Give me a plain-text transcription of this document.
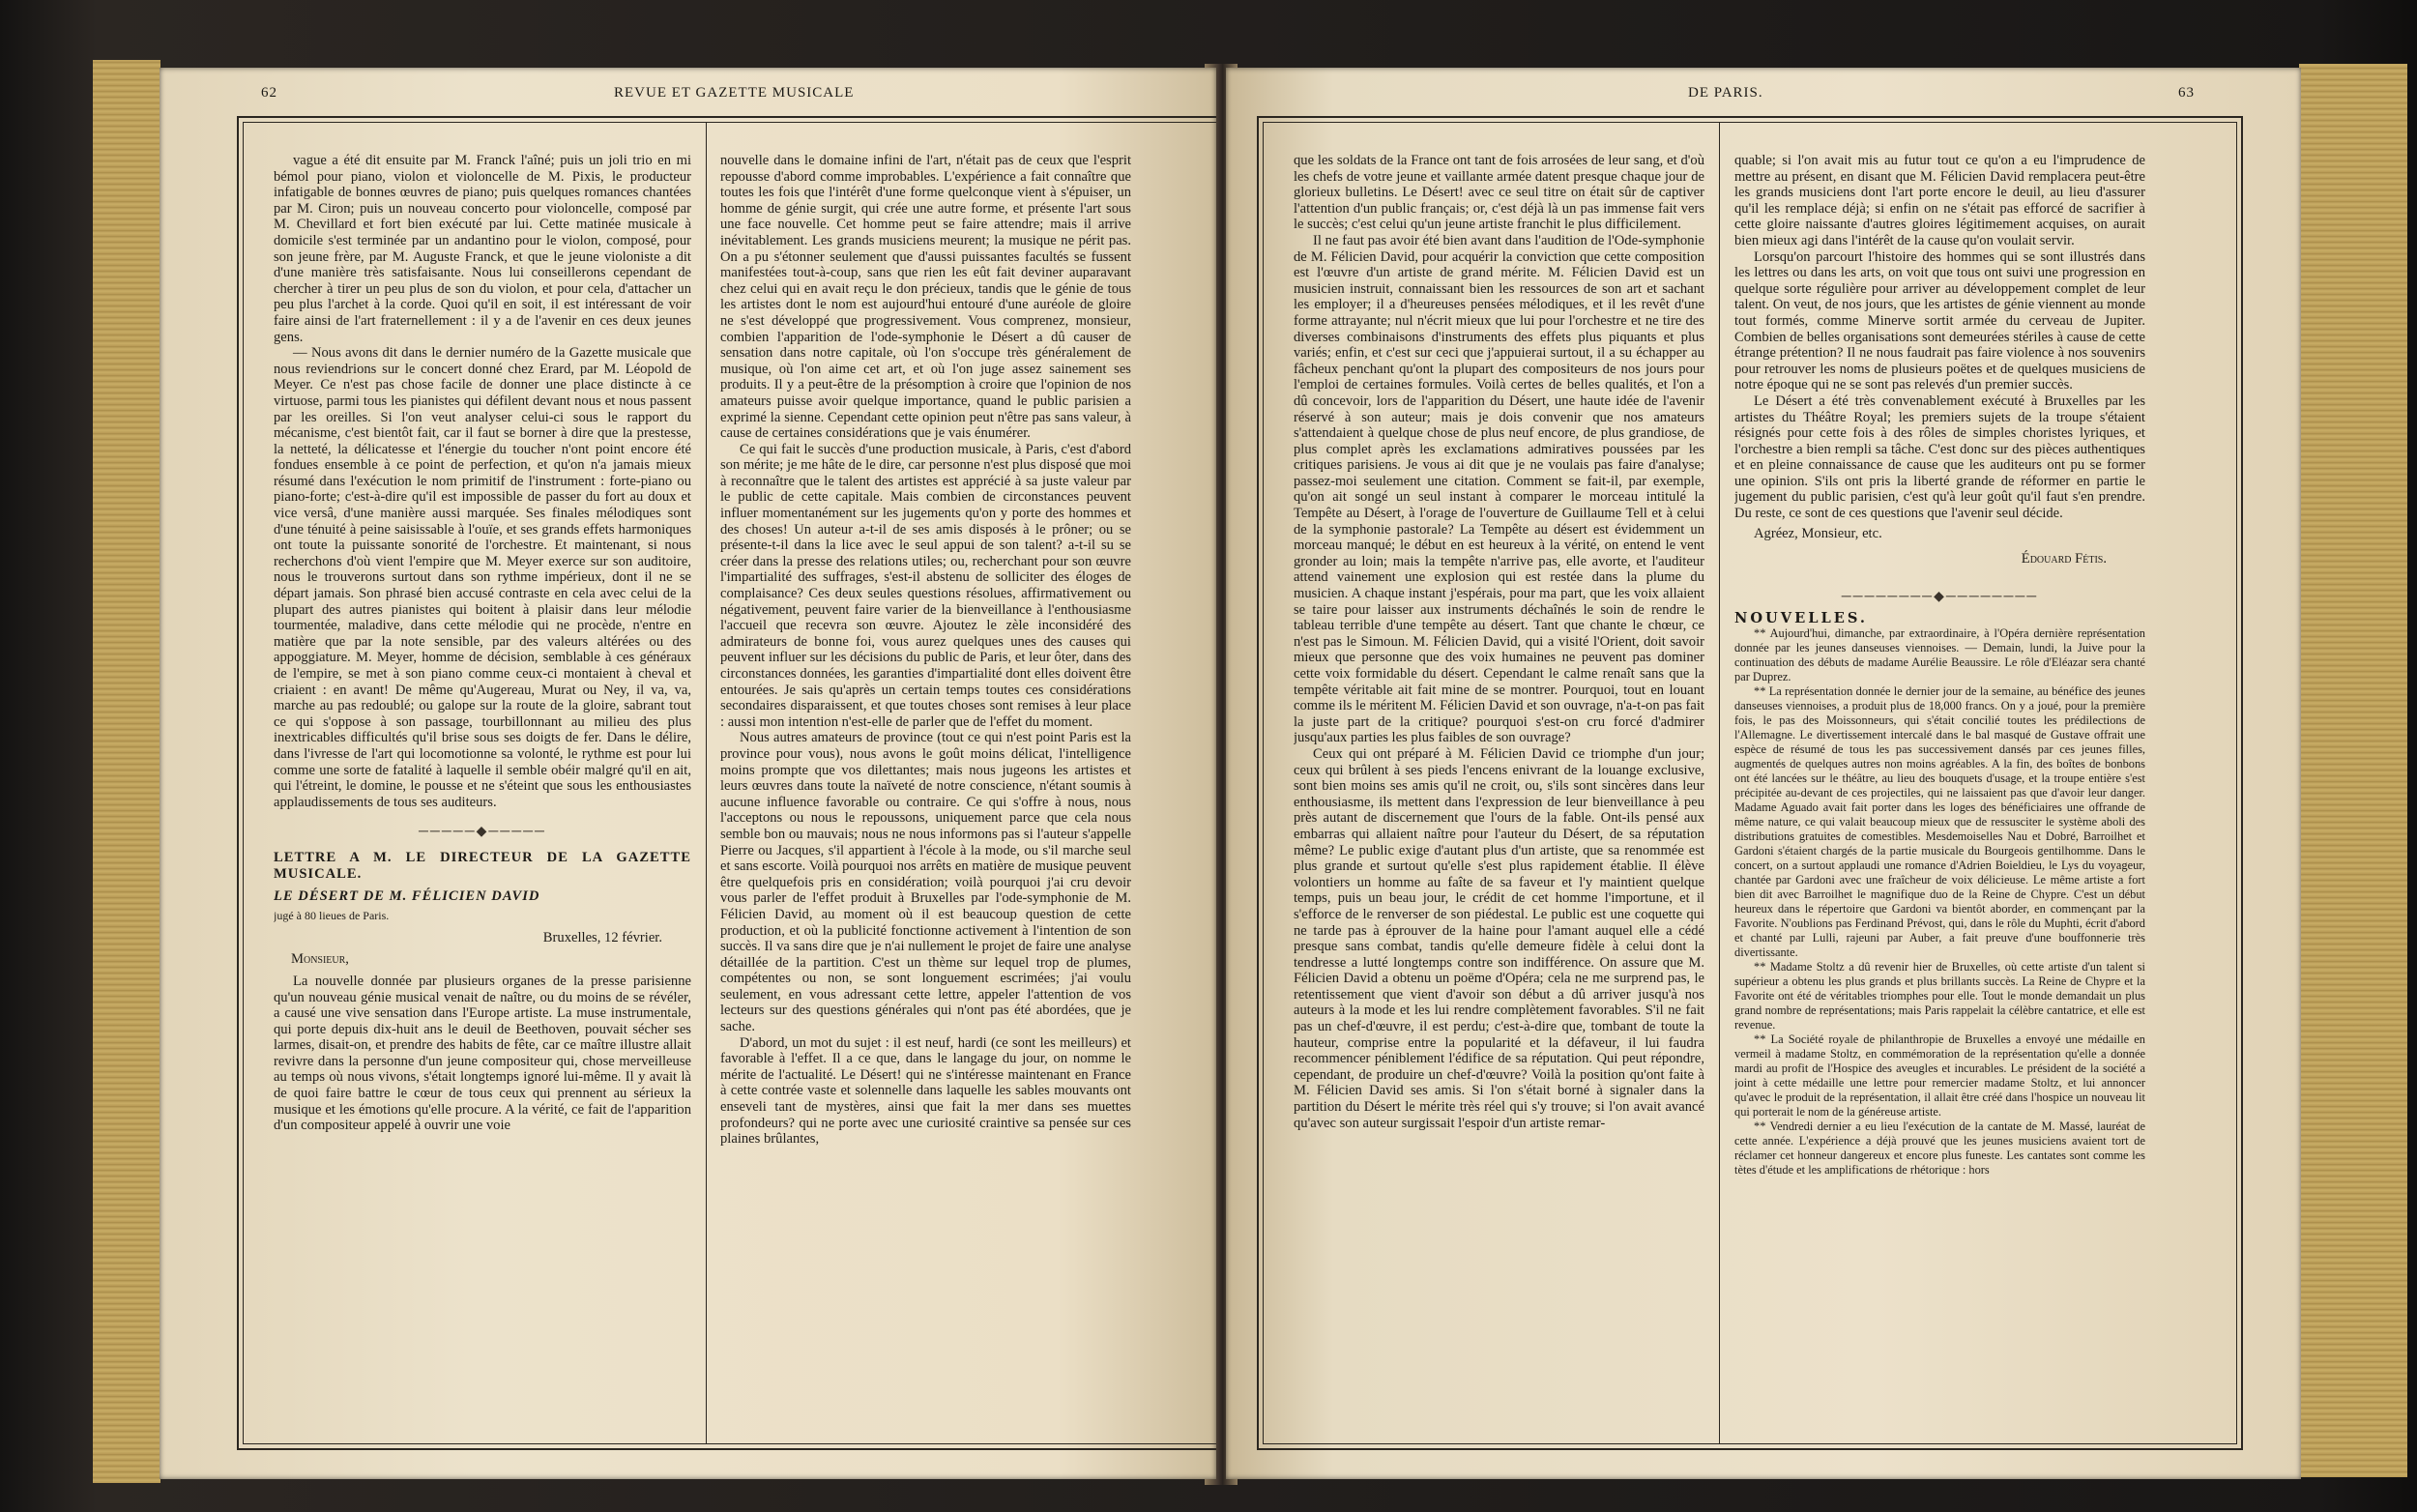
62	REVUE ET GAZETTE MUSICALE

vague a été dit ensuite par M. Franck l'aîné; puis un joli trio en mi bémol pour piano, violon et violoncelle de M. Pixis, le producteur infatigable de bonnes œuvres de piano; puis quelques romances chantées par M. Ciron; puis un nouveau concerto pour violoncelle, composé par M. Chevillard et fort bien exécuté par lui. Cette matinée musicale à domicile s'est terminée par un andantino pour le violon, composé, pour son jeune frère, par M. Auguste Franck, et que le jeune violoniste a dit d'une manière très satisfaisante. Nous lui conseillerons cependant de chercher à tirer un peu plus de son du violon, et pour cela, d'attacher un peu plus l'archet à la corde. Quoi qu'il en soit, il est intéressant de voir faire ainsi de l'art fraternellement : il y a de l'avenir en ces deux jeunes gens.

— Nous avons dit dans le dernier numéro de la Gazette musicale que nous reviendrions sur le concert donné chez Erard, par M. Léopold de Meyer. Ce n'est pas chose facile de donner une place distincte à ce virtuose, parmi tous les pianistes qui défilent devant nous et nous passent par les oreilles. Si l'on veut analyser celui-ci sous le rapport du mécanisme, c'est bientôt fait, car il faut se borner à dire que la prestesse, la netteté, la délicatesse et l'énergie du toucher n'ont point encore été fondues ensemble à ce point de perfection, et qu'on n'a jamais mieux résumé dans l'exécution le nom primitif de l'instrument : forte-piano ou piano-forte; c'est-à-dire qu'il est impossible de passer du fort au doux et vice versâ, d'une manière aussi marquée. Ses finales mélodiques sont d'une ténuité à peine saisissable à l'ouïe, et ses grands effets harmoniques ont toute la puissante sonorité de l'orchestre. Et maintenant, si nous recherchons d'où vient l'empire que M. Meyer exerce sur son auditoire, nous le trouverons surtout dans son rythme impérieux, dont il ne se départ jamais. Son phrasé bien accusé contraste en cela avec celui de la plupart des autres pianistes qui boitent à plaisir dans leur mélodie tourmentée, maladive, dans cette mélodie qui ne procède, n'entre en matière que par la note sensible, par des valeurs altérées ou des appoggiature. M. Meyer, homme de décision, semblable à ces généraux de l'empire, se met à son piano comme ceux-ci montaient à cheval et criaient : en avant! De même qu'Augereau, Murat ou Ney, il va, va, marche au pas redoublé; ou galope sur la route de la gloire, sabrant tout ce qui s'oppose à son passage, tourbillonnant au milieu des plus inextricables difficultés qu'il brise sous ses doigts de fer. Dans le délire, dans l'ivresse de l'art qui locomotionne sa volonté, le rythme est pour lui comme une sorte de fatalité à laquelle il semble obéir malgré qu'il en ait, qui l'étreint, le domine, le pousse et ne s'éteint que sous les enthousiastes applaudissements de tous ses auditeurs.

─────◆─────

LETTRE A M. LE DIRECTEUR DE LA GAZETTE MUSICALE.

LE DÉSERT DE M. FÉLICIEN DAVID

jugé à 80 lieues de Paris.

Bruxelles, 12 février.

Monsieur,

La nouvelle donnée par plusieurs organes de la presse parisienne qu'un nouveau génie musical venait de naître, ou du moins de se révéler, a causé une vive sensation dans l'Europe artiste. La muse instrumentale, qui porte depuis dix-huit ans le deuil de Beethoven, pouvait sécher ses larmes, disait-on, et prendre des habits de fête, car ce maître illustre allait revivre dans la personne d'un jeune compositeur qui, chose merveilleuse au temps où nous vivons, s'était longtemps ignoré lui-même. Il y avait là de quoi faire battre le cœur de tous ceux qui prennent au sérieux la musique et les émotions qu'elle procure. A la vérité, ce fait de l'apparition d'un compositeur appelé à ouvrir une voie

nouvelle dans le domaine infini de l'art, n'était pas de ceux que l'esprit repousse d'abord comme improbables. L'expérience a fait connaître que toutes les fois que l'intérêt d'une forme quelconque vient à s'épuiser, un homme de génie surgit, qui crée une autre forme, et présente l'art sous une face nouvelle. Cet homme peut se faire attendre; mais il arrive inévitablement. Les grands musiciens meurent; la musique ne périt pas. On a pu s'étonner seulement que d'aussi puissantes facultés se fussent manifestées tout-à-coup, sans que rien les eût fait deviner auparavant chez celui qui en avait reçu le don précieux, tandis que le génie de tous les artistes dont le nom est aujourd'hui entouré d'une auréole de gloire ne s'est développé que progressivement. Vous comprenez, monsieur, combien l'apparition de l'ode-symphonie le Désert a dû causer de sensation dans notre capitale, où l'on s'occupe très généralement de musique, où l'on aime cet art, et où l'on juge assez sainement ses produits. Il y a peut-être de la présomption à croire que l'opinion de nos amateurs puisse avoir quelque importance, quand le public parisien a exprimé la sienne. Cependant cette opinion peut n'être pas sans valeur, à cause de certaines considérations que je vais énumérer.

Ce qui fait le succès d'une production musicale, à Paris, c'est d'abord son mérite; je me hâte de le dire, car personne n'est plus disposé que moi à reconnaître que le talent des artistes est apprécié à sa juste valeur par le public de cette capitale. Mais combien de circonstances peuvent influer momentanément sur les jugements qu'on y porte des hommes et des choses! Un auteur a-t-il de ses amis disposés à le prôner; ou se présente-t-il dans la lice avec le seul appui de son talent? a-t-il su se créer dans la presse des relations utiles; ou, recherchant pour son œuvre l'impartialité des suffrages, s'est-il abstenu de solliciter des éloges de complaisance? Ces deux seules questions résolues, affirmativement ou négativement, peuvent faire varier de la bienveillance à l'enthousiasme l'accueil que recevra son œuvre. Ajoutez le zèle inconsidéré des admirateurs de bonne foi, vous aurez quelques unes des causes qui peuvent influer sur les décisions du public de Paris, et leur ôter, dans des circonstances données, les garanties d'impartialité dont elles doivent être entourées. Je sais qu'après un certain temps toutes ces considérations secondaires disparaissent, et que toutes choses sont remises à leur place : aussi mon intention n'est-elle de parler que de l'effet du moment.

Nous autres amateurs de province (tout ce qui n'est point Paris est la province pour vous), nous avons le goût moins délicat, l'intelligence moins prompte que vos dilettantes; mais nous jugeons les artistes et leurs œuvres dans toute la naïveté de notre conscience, n'étant soumis à aucune influence favorable ou contraire. Ce qui s'offre à nous, nous l'acceptons ou nous le repoussons, uniquement parce que cela nous semble bon ou mauvais; nous ne nous informons pas si l'auteur s'appelle Pierre ou Jacques, s'il appartient à l'école à la mode, ou s'il marche seul et sans escorte. Voilà pourquoi nos arrêts en matière de musique peuvent être quelquefois pris en considération; voilà pourquoi j'ai cru devoir vous parler de l'effet produit à Bruxelles par l'ode-symphonie de M. Félicien David, au moment où il est beaucoup question de cette production, et où la publicité fonctionne activement à l'intention de son succès. Il va sans dire que je n'ai nullement le projet de faire une analyse détaillée de la partition. C'est un thème sur lequel trop de plumes, compétentes ou non, se sont longuement escrimées; j'ai voulu seulement, en vous adressant cette lettre, appeler l'attention de vos lecteurs sur des questions générales qui n'ont pas été abordées, que je sache.

D'abord, un mot du sujet : il est neuf, hardi (ce sont les meilleurs) et favorable à l'effet. Il a ce que, dans le langage du jour, on nomme le mérite de l'actualité. Le Désert! qui ne s'intéresse maintenant en France à cette contrée vaste et solennelle dans laquelle les sables mouvants ont enseveli tant de mystères, ainsi que fait la mer dans ses muettes profondeurs? qui ne porte avec une curiosité craintive sa pensée sur ces plaines brûlantes,

DE PARIS.	63

que les soldats de la France ont tant de fois arrosées de leur sang, et d'où les chefs de votre jeune et vaillante armée datent presque chaque jour de glorieux bulletins. Le Désert! avec ce seul titre on était sûr de captiver l'attention d'un public français; or, c'est déjà là un pas immense fait vers le succès; c'est celui qu'un jeune artiste franchit le plus difficilement.

Il ne faut pas avoir été bien avant dans l'audition de l'Ode-symphonie de M. Félicien David, pour acquérir la conviction que cette composition est l'œuvre d'un artiste de grand mérite. M. Félicien David est un musicien instruit, connaissant bien les ressources de son art et sachant les employer; il a d'heureuses pensées mélodiques, et il les revêt d'une forme attrayante; nul n'écrit mieux que lui pour l'orchestre et ne tire des diverses combinaisons d'instruments des effets plus piquants et plus variés; enfin, et c'est sur ceci que j'appuierai surtout, il a su échapper au fâcheux penchant qu'ont la plupart des compositeurs de nos jours pour l'emploi de certaines formules. Voilà certes de belles qualités, et l'on a dû concevoir, lors de l'apparition du Désert, une haute idée de l'avenir réservé à son auteur; mais je dois convenir que nos amateurs s'attendaient à quelque chose de plus neuf encore, de plus grandiose, de plus complet après les exclamations admiratives poussées par les critiques parisiens. Je vous ai dit que je ne voulais pas faire d'analyse; passez-moi seulement une citation. Comment se fait-il, par exemple, qu'on ait songé un seul instant à comparer le morceau intitulé la Tempête au Désert, à l'orage de l'ouverture de Guillaume Tell et à celui de la symphonie pastorale? La Tempête au désert est évidemment un morceau manqué; le début en est heureux à la vérité, on entend le vent gronder au loin; mais la tempête n'arrive pas, elle avorte, et l'auditeur attend vainement une explosion qui est restée dans la plume du musicien. A chaque instant j'espérais, pour ma part, que les voix allaient se taire pour laisser aux instruments déchaînés le soin de rendre le tableau terrible d'une tempête au désert. Tant que chante le chœur, ce n'est pas le Simoun. M. Félicien David, qui a visité l'Orient, doit savoir mieux que personne que des voix humaines ne peuvent pas dominer cette voix formidable du désert. Cependant le calme renaît sans que la tempête véritable ait fait mine de se montrer. Pourquoi, tout en louant comme ils le méritent M. Félicien David et son ouvrage, n'a-t-on pas fait la juste part de la critique? pourquoi s'est-on cru forcé d'admirer jusqu'aux parties les plus faibles de son ouvrage?

Ceux qui ont préparé à M. Félicien David ce triomphe d'un jour; ceux qui brûlent à ses pieds l'encens enivrant de la louange exclusive, sont bien moins ses amis qu'il ne croit, ou, s'ils sont sincères dans leur enthousiasme, ils mettent dans l'expression de leur bienveillance à peu près autant de discernement que l'ours de la fable. Ont-ils pensé aux embarras qui allaient naître pour l'auteur du Désert, de sa réputation même? Le public exige d'autant plus d'un artiste, que sa renommée est plus grande et surtout qu'elle s'est plus rapidement établie. Il élève volontiers un homme au faîte de sa faveur et l'y maintient quelque temps, puis un beau jour, le crédit de cet homme l'importune, et il s'efforce de le renverser de son piédestal. Le public est une coquette qui ne tarde pas à éprouver de la haine pour l'amant auquel elle a cédé presque sans combat, tandis qu'elle demeure fidèle à celui dont la tendresse a lutté longtemps contre son indifférence. On assure que M. Félicien David a obtenu un poëme d'Opéra; cela ne me surprend pas, le retentissement que vient d'avoir son début a dû arriver jusqu'à nos auteurs à la mode et les lui rendre complètement favorables. S'il ne fait pas un chef-d'œuvre, il est perdu; c'est-à-dire que, tombant de toute la hauteur, comprise entre la popularité et la défaveur, il lui faudra recommencer péniblement l'édifice de sa réputation. Qui peut répondre, cependant, de produire un chef-d'œuvre? Voilà la position qu'ont faite à M. Félicien David ses amis. Si l'on s'était borné à signaler dans la partition du Désert le mérite très réel qui s'y trouve; si l'on avait avancé qu'avec son auteur surgissait l'espoir d'un artiste remar-

quable; si l'on avait mis au futur tout ce qu'on a eu l'imprudence de mettre au présent, en disant que M. Félicien David remplacera peut-être les grands musiciens dont l'art porte encore le deuil, au lieu d'assurer qu'il les remplace déjà; si enfin on ne s'était pas efforcé de sacrifier à cette gloire naissante d'autres gloires légitimement acquises, on aurait bien mieux agi dans l'intérêt de la cause qu'on voulait servir.

Lorsqu'on parcourt l'histoire des hommes qui se sont illustrés dans les lettres ou dans les arts, on voit que tous ont suivi une progression en quelque sorte régulière pour arriver au développement complet de leur talent. On veut, de nos jours, que les artistes de génie viennent au monde tout formés, comme Minerve sortit armée du cerveau de Jupiter. Combien de belles organisations sont demeurées stériles à cause de cette étrange prétention? Il ne nous faudrait pas faire violence à nos souvenirs pour retrouver les noms de plusieurs poëtes et de quelques musiciens de notre époque qui ne se sont pas relevés d'un premier succès.

Le Désert a été très convenablement exécuté à Bruxelles par les artistes du Théâtre Royal; les premiers sujets de la troupe s'étaient résignés pour cette fois à des rôles de simples choristes lyriques, et l'orchestre a bien rempli sa tâche. C'est donc sur des pièces authentiques et en pleine connaissance de cause que les auditeurs ont pu se former une opinion. S'ils ont pris la liberté grande de réformer en partie le jugement du public parisien, c'est qu'à leur goût qu'il faut s'en prendre. Du reste, ce sont de ces questions que l'avenir seul décide.

Agréez, Monsieur, etc.

Édouard Fétis.

────────◆────────

NOUVELLES.

** Aujourd'hui, dimanche, par extraordinaire, à l'Opéra dernière représentation donnée par les jeunes danseuses viennoises. — Demain, lundi, la Juive pour la continuation des débuts de madame Aurélie Beaussire. Le rôle d'Eléazar sera chanté par Duprez.

** La représentation donnée le dernier jour de la semaine, au bénéfice des jeunes danseuses viennoises, a produit plus de 18,000 francs. On y a joué, pour la première fois, le pas des Moissonneurs, qui s'était concilié toutes les prédilections de l'Allemagne. Le divertissement intercalé dans le bal masqué de Gustave offrait une espèce de résumé de tous les pas successivement dansés par ces jeunes filles, augmentés de quelques autres non moins agréables. A la fin, des boîtes de bonbons ont été lancées sur le théâtre, au lieu des bouquets d'usage, et la troupe entière s'est précipitée au-devant de ces projectiles, qui ne laissaient pas que d'avoir leur danger. Madame Aguado avait fait porter dans les loges des bénéficiaires une offrande de même nature, ce qui valait beaucoup mieux que de ressusciter le système aboli des distributions gratuites de comestibles. Mesdemoiselles Nau et Dobré, Barroilhet et Gardoni s'étaient chargés de la partie musicale du Bourgeois gentilhomme. Dans le concert, on a surtout applaudi une romance d'Adrien Boieldieu, le Lys du voyageur, chantée par Gardoni avec une fraîcheur de voix délicieuse. Le même artiste a fort bien dit avec Barroilhet le magnifique duo de la Reine de Chypre. C'est un début heureux dans le répertoire que Gardoni va bientôt aborder, en commençant par la Favorite. N'oublions pas Ferdinand Prévost, qui, dans le rôle du Muphti, écrit d'abord et chanté par Lulli, rajeuni par Auber, a fait preuve d'une bouffonnerie très divertissante.

** Madame Stoltz a dû revenir hier de Bruxelles, où cette artiste d'un talent si supérieur a obtenu les plus grands et plus brillants succès. La Reine de Chypre et la Favorite ont été de véritables triomphes pour elle. Tout le monde demandait un plus grand nombre de représentations; mais Paris rappelait la célèbre cantatrice, et elle est revenue.

** La Société royale de philanthropie de Bruxelles a envoyé une médaille en vermeil à madame Stoltz, en commémoration de la représentation qu'elle a donnée mardi au profit de l'Hospice des aveugles et incurables. Le président de la société a joint à cette médaille une lettre pour remercier madame Stoltz, et lui annoncer qu'avec le produit de la représentation, il allait être créé dans l'hospice un nouveau lit qui porterait le nom de la généreuse artiste.

** Vendredi dernier a eu lieu l'exécution de la cantate de M. Massé, lauréat de cette année. L'expérience a déjà prouvé que les jeunes musiciens avaient tort de réclamer cet honneur dangereux et encore plus funeste. Les cantates sont comme les tètes d'étude et les amplifications de rhétorique : hors
